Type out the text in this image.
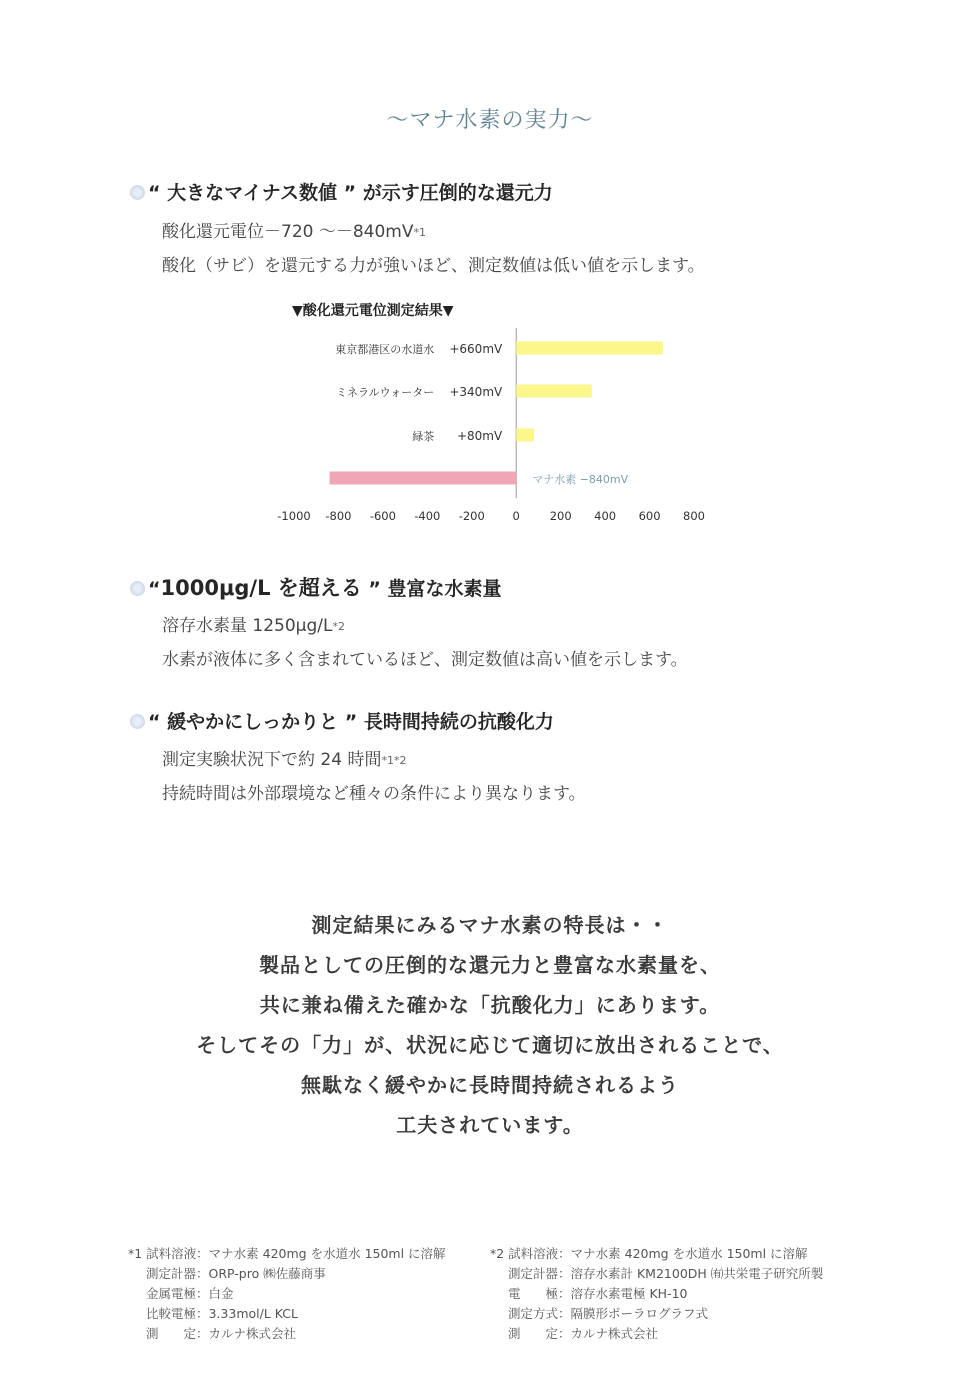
～マナ水素の実力～
“ 大きなマイナス数値 ” が示す圧倒的な還元力
酸化還元電位－720 ～－840mV*1
酸化（サビ）を還元する力が強いほど、測定数値は低い値を示します。
▼酸化還元電位測定結果▼
+660mV
東京都港区の水道水
+340mV
ミネラルウォーター
+80mV
緑茶
マナ水素 −840mV
-1000 -800 -600 -400 -200 0	200 400 600 800
“1000μg/L を超える ” 豊富な水素量
溶存水素量 1250μg/L*2
水素が液体に多く含まれているほど、測定数値は高い値を示します。
“ 緩やかにしっかりと ” 長時間持続の抗酸化力
測定実験状況下で約 24 時間*1*2
持続時間は外部環境など種々の条件により異なります。
測定結果にみるマナ水素の特長は・・
製品としての圧倒的な還元力と豊富な水素量を、
共に兼ね備えた確かな「抗酸化力」にあります。
そしてその「力」が、状況に応じて適切に放出されることで、
無駄なく緩やかに長時間持続されるよう
工夫されています。
*1 試料溶液：マナ水素 420mg を水道水 150ml に溶解
測定計器：ORP-pro ㈱佐藤商事
金属電極：白金
比較電極：3.33mol/L KCL
測　　定：カルナ株式会社
*2 試料溶液：マナ水素 420mg を水道水 150ml に溶解
測定計器：溶存水素計 KM2100DH ㈲共栄電子研究所製
電　　極：溶存水素電極 KH-10
測定方式：隔膜形ポーラログラフ式
測　　定：カルナ株式会社
